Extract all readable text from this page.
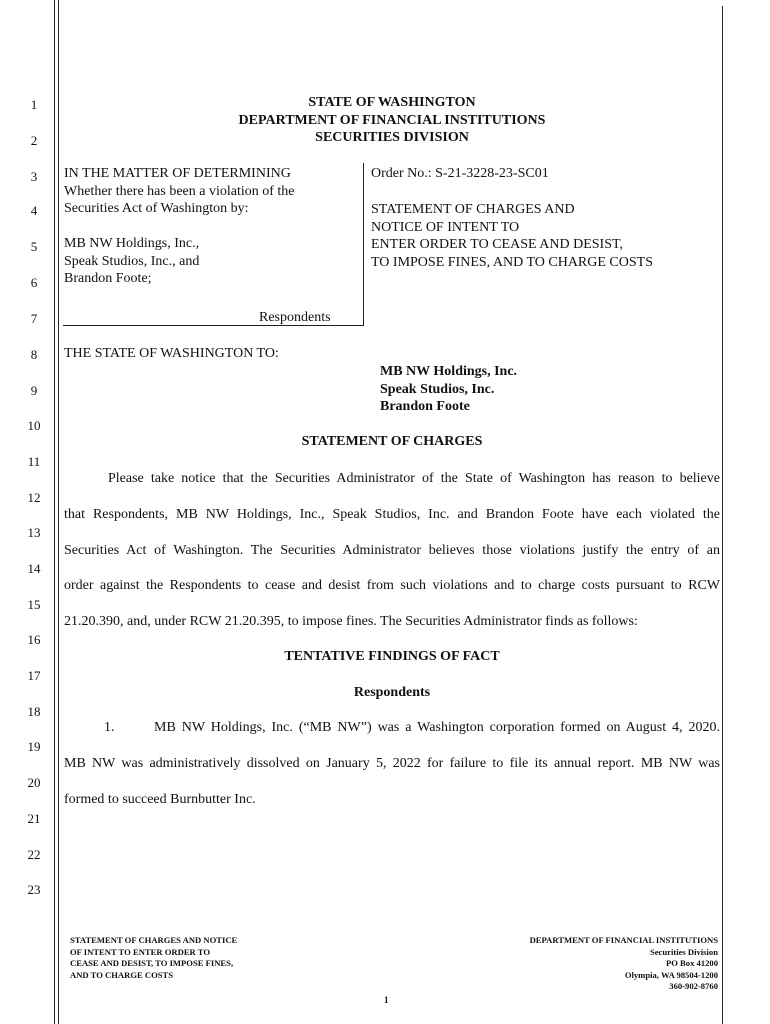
1
2
3
4
5
6
7
8
9
10
11
12
13
14
15
16
17
18
19
20
21
22
23
STATE OF WASHINGTON
DEPARTMENT OF FINANCIAL INSTITUTIONS
SECURITIES DIVISION
IN THE MATTER OF DETERMINING
Whether there has been a violation of the
Securities Act of Washington by:
MB NW Holdings, Inc.,
Speak Studios, Inc., and
Brandon Foote;
Respondents
Order No.: S-21-3228-23-SC01
STATEMENT OF CHARGES AND
NOTICE OF INTENT TO
ENTER ORDER TO CEASE AND DESIST,
TO IMPOSE FINES, AND TO CHARGE COSTS
THE STATE OF WASHINGTON TO:
MB NW Holdings, Inc.
Speak Studios, Inc.
Brandon Foote
STATEMENT OF CHARGES
Please take notice that the Securities Administrator of the State of Washington has reason to believe
that Respondents, MB NW Holdings, Inc., Speak Studios, Inc. and Brandon Foote have each violated the
Securities Act of Washington. The Securities Administrator believes those violations justify the entry of an
order against the Respondents to cease and desist from such violations and to charge costs pursuant to RCW
21.20.390, and, under RCW 21.20.395, to impose fines. The Securities Administrator finds as follows:
TENTATIVE FINDINGS OF FACT
Respondents
1.	MB NW Holdings, Inc. (“MB NW”) was a Washington corporation formed on August 4, 2020.
MB NW was administratively dissolved on January 5, 2022 for failure to file its annual report. MB NW was
formed to succeed Burnbutter Inc.
STATEMENT OF CHARGES AND NOTICE
OF INTENT TO ENTER ORDER TO
CEASE AND DESIST, TO IMPOSE FINES,
AND TO CHARGE COSTS
1
DEPARTMENT OF FINANCIAL INSTITUTIONS
Securities Division
PO Box 41200
Olympia, WA 98504-1200
360-902-8760
